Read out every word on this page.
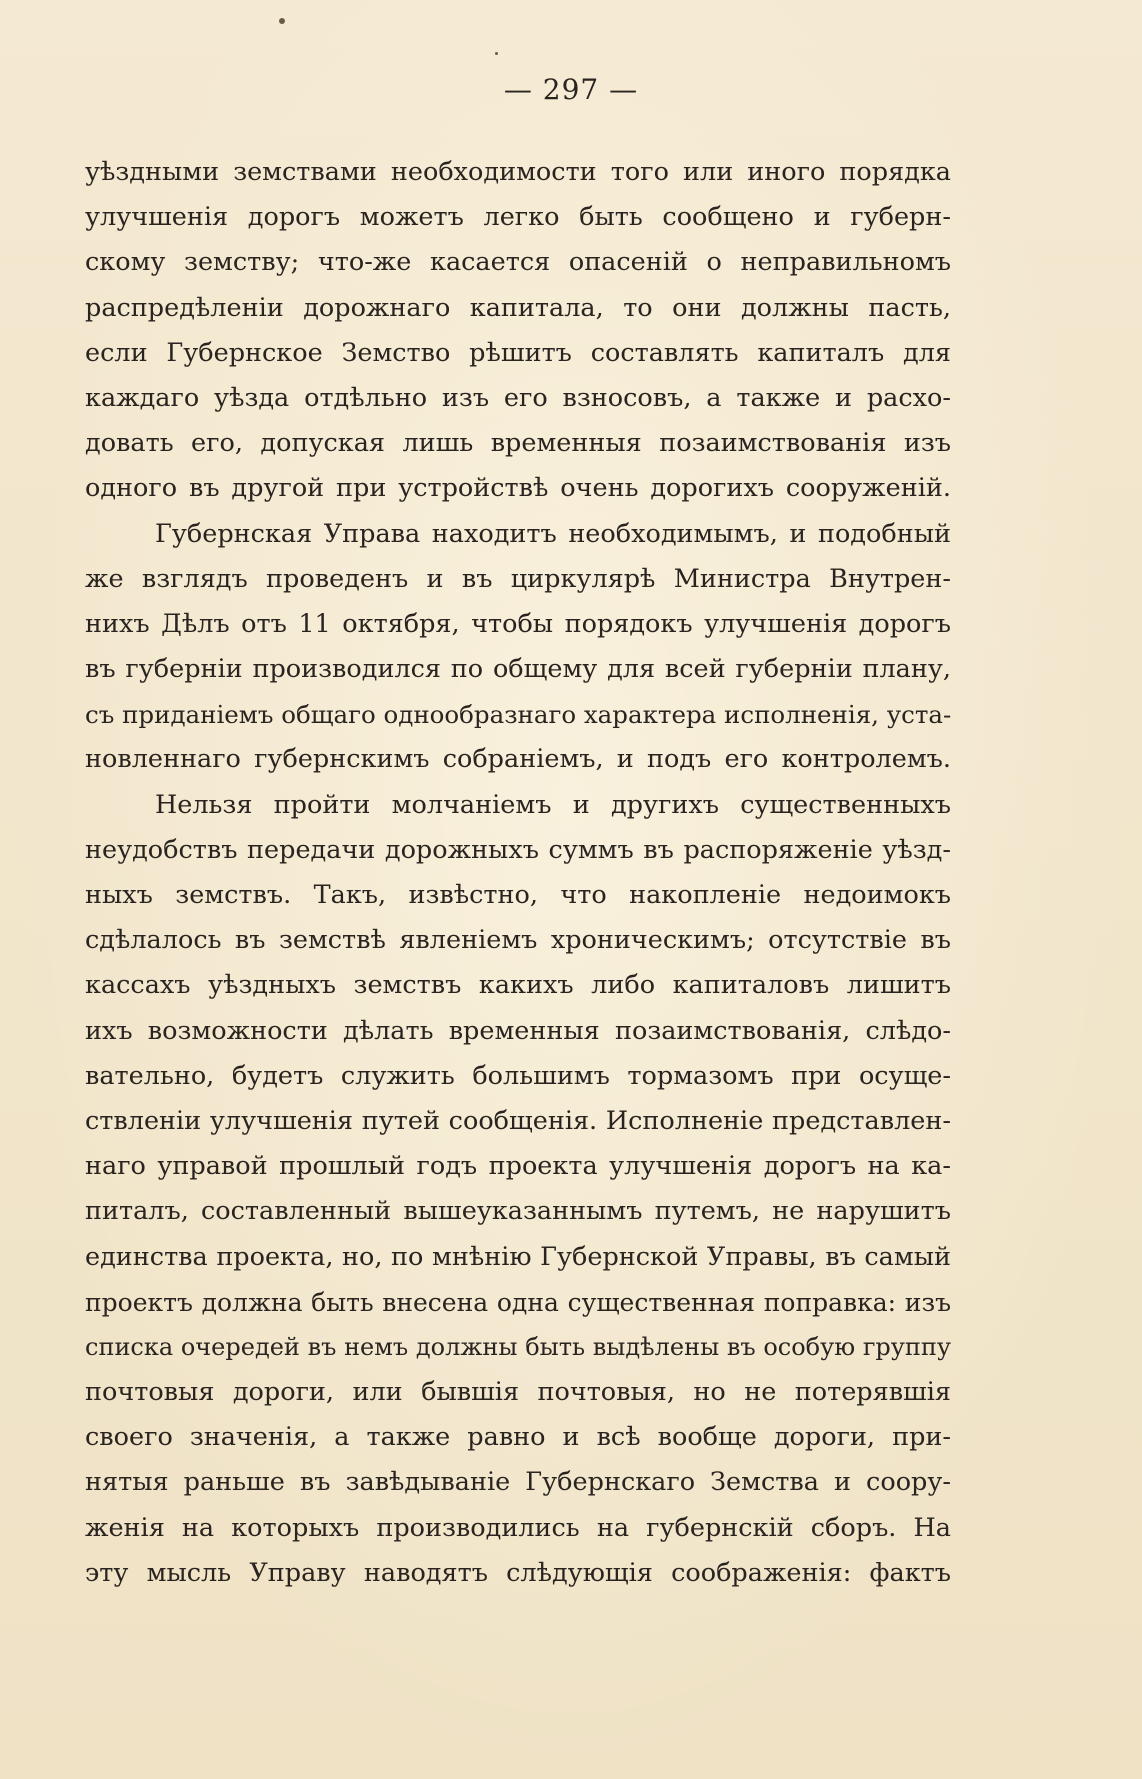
— 297 —
уѣздными земствами необходимости того или иного порядка
улучшенія дорогъ можетъ легко быть сообщено и губерн-
скому земству; что-же касается опасеній о неправильномъ
распредѣленіи дорожнаго капитала, то они должны пасть,
если Губернское Земство рѣшитъ составлять капиталъ для
каждаго уѣзда отдѣльно изъ его взносовъ, а также и расхо-
довать его, допуская лишь временныя позаимствованія изъ
одного въ другой при устройствѣ очень дорогихъ сооруженій.
Губернская Управа находитъ необходимымъ, и подобный
же взглядъ проведенъ и въ циркулярѣ Министра Внутрен-
нихъ Дѣлъ отъ 11 октября, чтобы порядокъ улучшенія дорогъ
въ губерніи производился по общему для всей губерніи плану,
съ приданіемъ общаго однообразнаго характера исполненія, уста-
новленнаго губернскимъ собраніемъ, и подъ его контролемъ.
Нельзя пройти молчаніемъ и другихъ существенныхъ
неудобствъ передачи дорожныхъ суммъ въ распоряженіе уѣзд-
ныхъ земствъ. Такъ, извѣстно, что накопленіе недоимокъ
сдѣлалось въ земствѣ явленіемъ хроническимъ; отсутствіе въ
кассахъ уѣздныхъ земствъ какихъ либо капиталовъ лишитъ
ихъ возможности дѣлать временныя позаимствованія, слѣдо-
вательно, будетъ служить большимъ тормазомъ при осуще-
ствленіи улучшенія путей сообщенія. Исполненіе представлен-
наго управой прошлый годъ проекта улучшенія дорогъ на ка-
питалъ, составленный вышеуказаннымъ путемъ, не нарушитъ
единства проекта, но, по мнѣнію Губернской Управы, въ самый
проектъ должна быть внесена одна существенная поправка: изъ
списка очередей въ немъ должны быть выдѣлены въ особую группу
почтовыя дороги, или бывшія почтовыя, но не потерявшія
своего значенія, а также равно и всѣ вообще дороги, при-
нятыя раньше въ завѣдываніе Губернскаго Земства и соору-
женія на которыхъ производились на губернскій сборъ. На
эту мысль Управу наводятъ слѣдующія соображенія: фактъ
